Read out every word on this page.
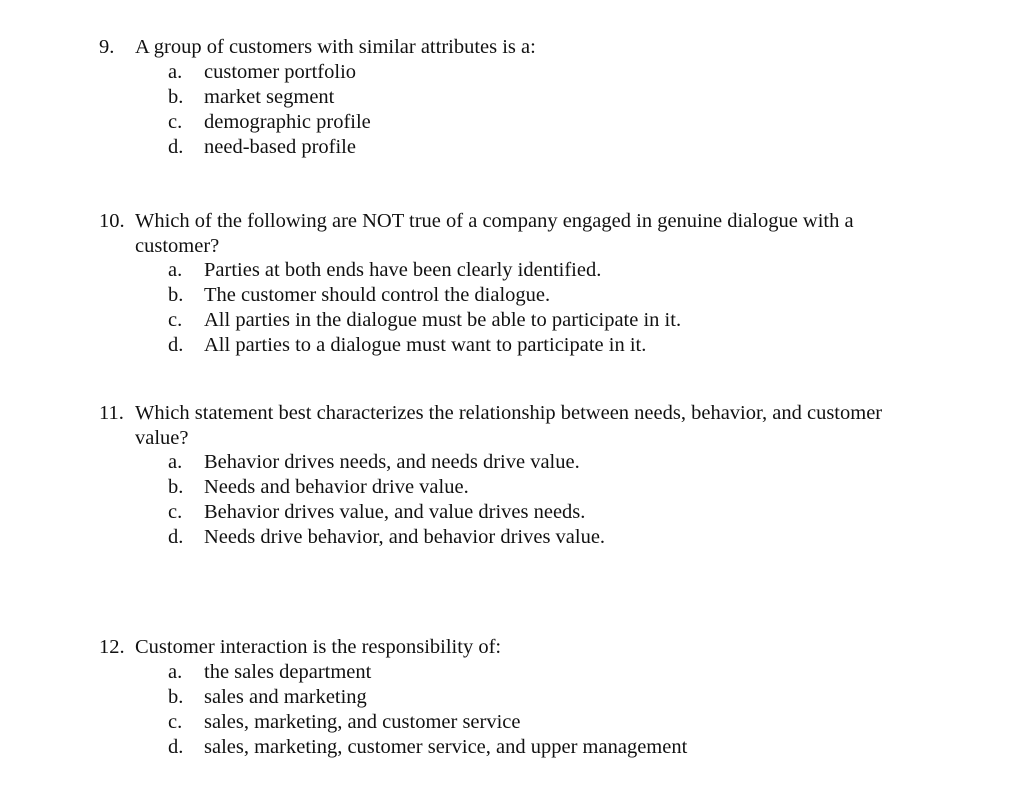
9. A group of customers with similar attributes is a:
a. customer portfolio
b. market segment
c. demographic profile
d. need-based profile
10. Which of the following are NOT true of a company engaged in genuine dialogue with a
customer?
a. Parties at both ends have been clearly identified.
b. The customer should control the dialogue.
c. All parties in the dialogue must be able to participate in it.
d. All parties to a dialogue must want to participate in it.
11. Which statement best characterizes the relationship between needs, behavior, and customer
value?
a. Behavior drives needs, and needs drive value.
b. Needs and behavior drive value.
c. Behavior drives value, and value drives needs.
d. Needs drive behavior, and behavior drives value.
12. Customer interaction is the responsibility of:
a. the sales department
b. sales and marketing
c. sales, marketing, and customer service
d. sales, marketing, customer service, and upper management
